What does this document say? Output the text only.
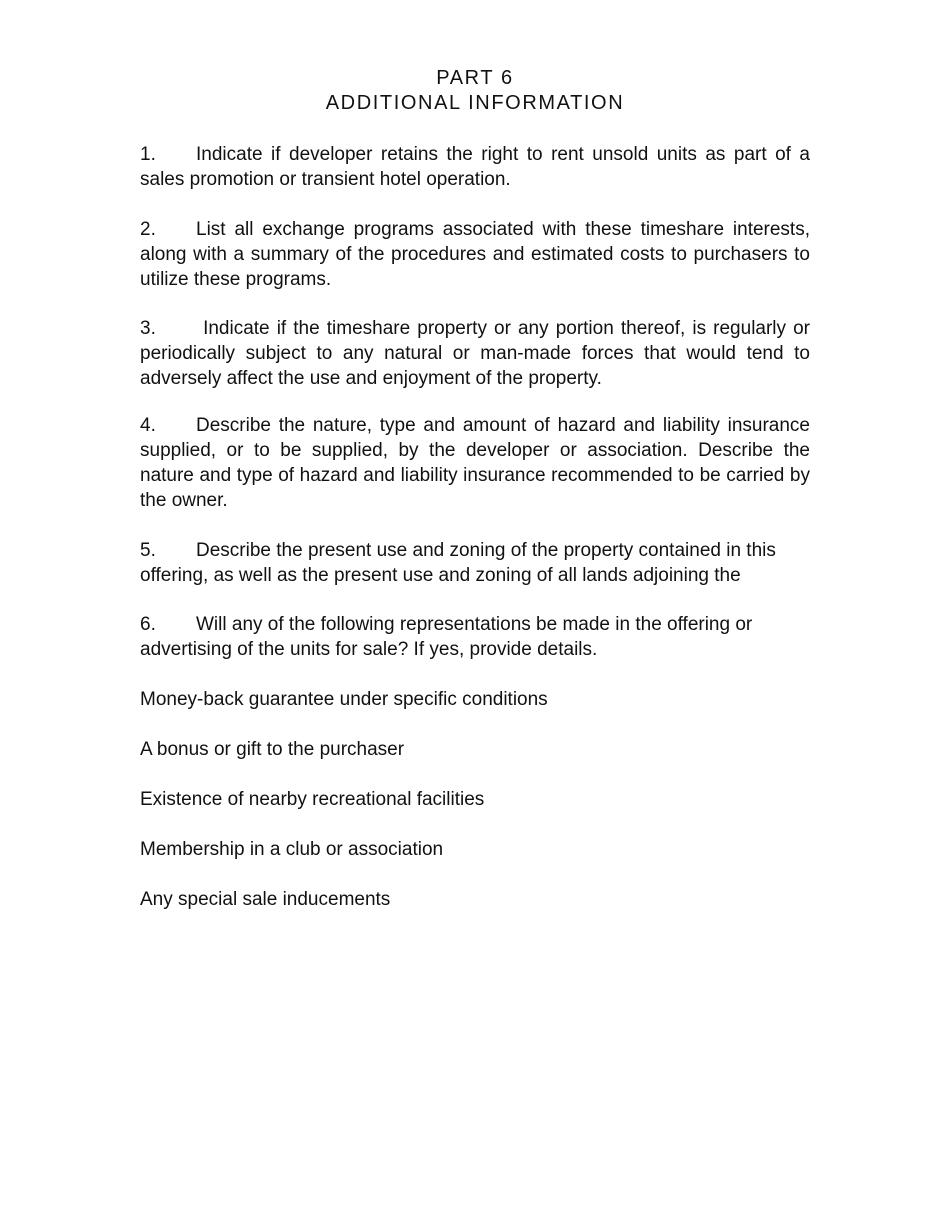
PART 6
ADDITIONAL INFORMATION

1. Indicate if developer retains the right to rent unsold units as part of a sales promotion or transient hotel operation.

2. List all exchange programs associated with these timeshare interests, along with a summary of the procedures and estimated costs to purchasers to utilize these programs.

3. Indicate if the timeshare property or any portion thereof, is regularly or periodically subject to any natural or man-made forces that would tend to adversely affect the use and enjoyment of the property.

4. Describe the nature, type and amount of hazard and liability insurance supplied, or to be supplied, by the developer or association. Describe the nature and type of hazard and liability insurance recommended to be carried by the owner.

5. Describe the present use and zoning of the property contained in this offering, as well as the present use and zoning of all lands adjoining the

6. Will any of the following representations be made in the offering or advertising of the units for sale? If yes, provide details.

Money-back guarantee under specific conditions

A bonus or gift to the purchaser

Existence of nearby recreational facilities

Membership in a club or association

Any special sale inducements
